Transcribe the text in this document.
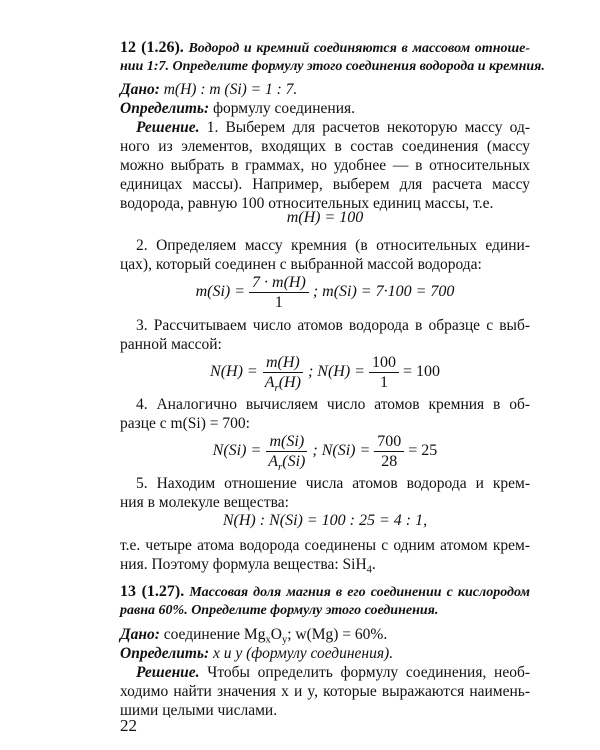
12 (1.26). Водород и кремний соединяются в массовом отноше-
нии 1:7. Определите формулу этого соединения водорода и кремния.
Дано: m(H) : m (Si) = 1 : 7.
Определить: формулу соединения.
Решение. 1. Выберем для расчетов некоторую массу од-
ного из элементов, входящих в состав соединения (массу
можно выбрать в граммах, но удобнее — в относительных
единицах массы). Например, выберем для расчета массу
водорода, равную 100 относительных единиц массы, т.е.
m(H) = 100
2. Определяем массу кремния (в относительных едини-
цах), который соединен с выбранной массой водорода:
$m(Si) = \frac{7 \cdot m(H)}{1}$ ; m(Si) = 7·100 = 700
3. Рассчитываем число атомов водорода в образце с выб-
ранной массой:
$N(H) = \frac{m(H)}{A_r(H)}$ ; $N(H) = \frac{100}{1} = 100$
4. Аналогично вычисляем число атомов кремния в об-
разце с m(Si) = 700:
$N(Si) = \frac{m(Si)}{A_r(Si)}$ ; $N(Si) = \frac{700}{28} = 25$
5. Находим отношение числа атомов водорода и крем-
ния в молекуле вещества:
N(H) : N(Si) = 100 : 25 = 4 : 1,
т.е. четыре атома водорода соединены с одним атомом крем-
ния. Поэтому формула вещества: SiH$_4$.
13 (1.27). Массовая доля магния в его соединении с кислородом
равна 60%. Определите формулу этого соединения.
Дано: соединение $Mg_xO_y$; w(Mg) = 60%.
Определить: x и y (формулу соединения).
Решение. Чтобы определить формулу соединения, необ-
ходимо найти значения x и y, которые выражаются наимень-
шими целыми числами.
22
